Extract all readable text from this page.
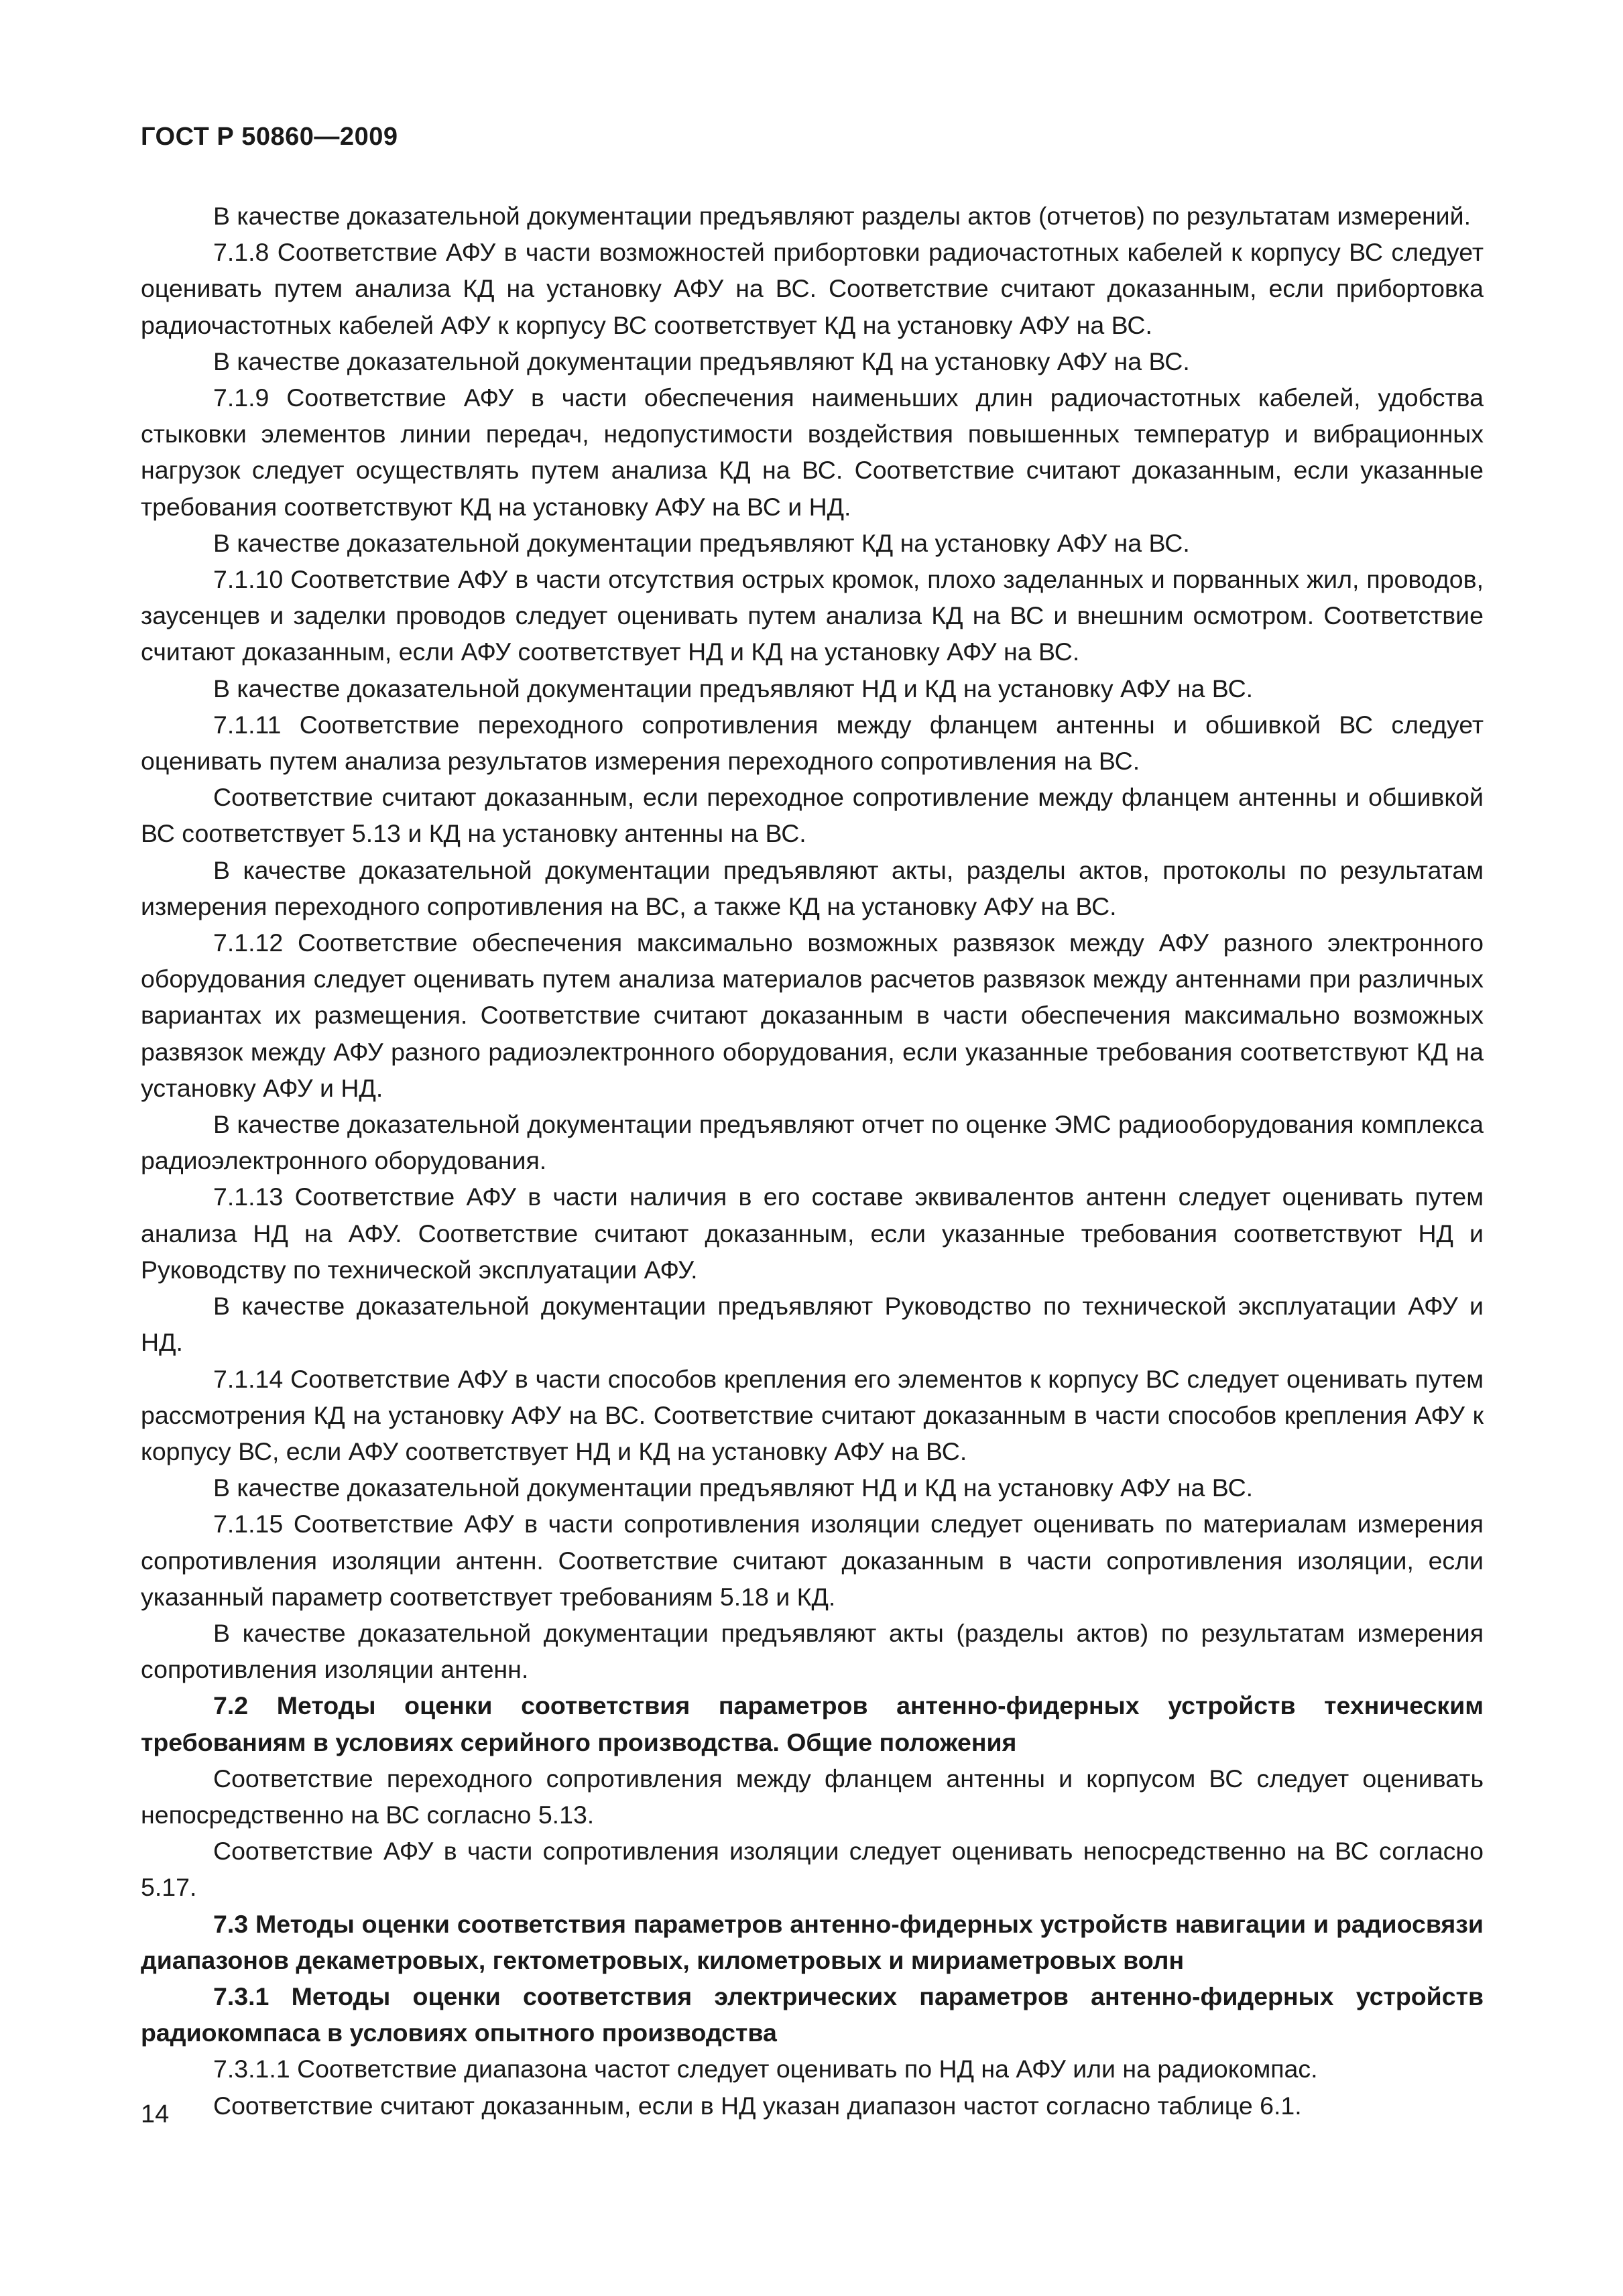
ГОСТ Р 50860—2009

В качестве доказательной документации предъявляют разделы актов (отчетов) по результатам измерений.

7.1.8 Соответствие АФУ в части возможностей прибортовки радиочастотных кабелей к корпусу ВС следует оценивать путем анализа КД на установку АФУ на ВС. Соответствие считают доказанным, если прибортовка радиочастотных кабелей АФУ к корпусу ВС соответствует КД на установку АФУ на ВС.

В качестве доказательной документации предъявляют КД на установку АФУ на ВС.

7.1.9 Соответствие АФУ в части обеспечения наименьших длин радиочастотных кабелей, удобства стыковки элементов линии передач, недопустимости воздействия повышенных температур и вибрационных нагрузок следует осуществлять путем анализа КД на ВС. Соответствие считают доказанным, если указанные требования соответствуют КД на установку АФУ на ВС и НД.

В качестве доказательной документации предъявляют КД на установку АФУ на ВС.

7.1.10 Соответствие АФУ в части отсутствия острых кромок, плохо заделанных и порванных жил, проводов, заусенцев и заделки проводов следует оценивать путем анализа КД на ВС и внешним осмотром. Соответствие считают доказанным, если АФУ соответствует НД и КД на установку АФУ на ВС.

В качестве доказательной документации предъявляют НД и КД на установку АФУ на ВС.

7.1.11 Соответствие переходного сопротивления между фланцем антенны и обшивкой ВС следует оценивать путем анализа результатов измерения переходного сопротивления на ВС.

Соответствие считают доказанным, если переходное сопротивление между фланцем антенны и обшивкой ВС соответствует 5.13 и КД на установку антенны на ВС.

В качестве доказательной документации предъявляют акты, разделы актов, протоколы по результатам измерения переходного сопротивления на ВС, а также КД на установку АФУ на ВС.

7.1.12 Соответствие обеспечения максимально возможных развязок между АФУ разного электронного оборудования следует оценивать путем анализа материалов расчетов развязок между антеннами при различных вариантах их размещения. Соответствие считают доказанным в части обеспечения максимально возможных развязок между АФУ разного радиоэлектронного оборудования, если указанные требования соответствуют КД на установку АФУ и НД.

В качестве доказательной документации предъявляют отчет по оценке ЭМС радиооборудования комплекса радиоэлектронного оборудования.

7.1.13 Соответствие АФУ в части наличия в его составе эквивалентов антенн следует оценивать путем анализа НД на АФУ. Соответствие считают доказанным, если указанные требования соответствуют НД и Руководству по технической эксплуатации АФУ.

В качестве доказательной документации предъявляют Руководство по технической эксплуатации АФУ и НД.

7.1.14 Соответствие АФУ в части способов крепления его элементов к корпусу ВС следует оценивать путем рассмотрения КД на установку АФУ на ВС. Соответствие считают доказанным в части способов крепления АФУ к корпусу ВС, если АФУ соответствует НД и КД на установку АФУ на ВС.

В качестве доказательной документации предъявляют НД и КД на установку АФУ на ВС.

7.1.15 Соответствие АФУ в части сопротивления изоляции следует оценивать по материалам измерения сопротивления изоляции антенн. Соответствие считают доказанным в части сопротивления изоляции, если указанный параметр соответствует требованиям 5.18 и КД.

В качестве доказательной документации предъявляют акты (разделы актов) по результатам измерения сопротивления изоляции антенн.

7.2 Методы оценки соответствия параметров антенно-фидерных устройств техническим требованиям в условиях серийного производства. Общие положения

Соответствие переходного сопротивления между фланцем антенны и корпусом ВС следует оценивать непосредственно на ВС согласно 5.13.

Соответствие АФУ в части сопротивления изоляции следует оценивать непосредственно на ВС согласно 5.17.

7.3 Методы оценки соответствия параметров антенно-фидерных устройств навигации и радиосвязи диапазонов декаметровых, гектометровых, километровых и мириаметровых волн

7.3.1 Методы оценки соответствия электрических параметров антенно-фидерных устройств радиокомпаса в условиях опытного производства

7.3.1.1 Соответствие диапазона частот следует оценивать по НД на АФУ или на радиокомпас.

Соответствие считают доказанным, если в НД указан диапазон частот согласно таблице 6.1.

14
